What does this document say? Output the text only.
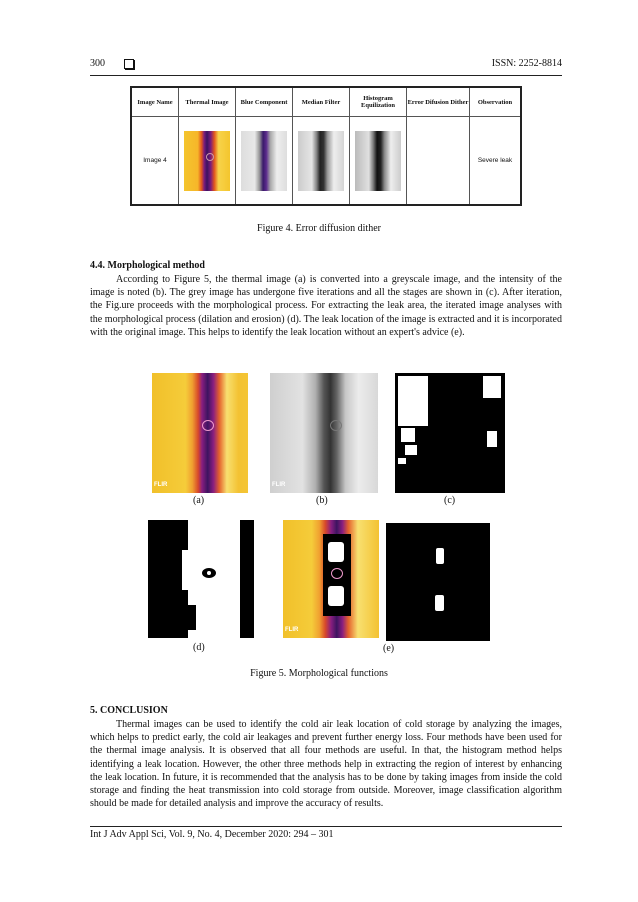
300	ISSN: 2252-8814
Image Name	Thermal Image	Blue Component	Median Filter	Histogram Equilization	Error Difusion Dither	Observation
Image 4						Severe leak
Figure 4. Error diffusion dither
4.4. Morphological method
According to Figure 5, the thermal image (a) is converted into a greyscale image, and the intensity of the image is noted (b). The grey image has undergone five iterations and all the stages are shown in (c). After iteration, the Fig.ure proceeds with the morphological process. For extracting the leak area, the iterated image analyses with the morphological process (dilation and erosion) (d). The leak location of the image is extracted and it is incorporated with the original image. This helps to identify the leak location without an expert's advice (e).
FLIR	FLIR
(a)	(b)	(c)
FLIR
(d)	(e)
Figure 5. Morphological functions
5. CONCLUSION
Thermal images can be used to identify the cold air leak location of cold storage by analyzing the images, which helps to predict early, the cold air leakages and prevent further energy loss. Four methods have been used for the thermal image analysis. It is observed that all four methods are useful. In that, the histogram method helps identifying a leak location. However, the other three methods help in extracting the region of interest by enhancing the leak location. In future, it is recommended that the analysis has to be done by taking images from inside the cold storage and finding the heat transmission into cold storage from outside. Moreover, image classification algorithm should be made for detailed analysis and improve the accuracy of results.
Int J Adv Appl Sci, Vol. 9, No. 4, December 2020: 294 – 301
